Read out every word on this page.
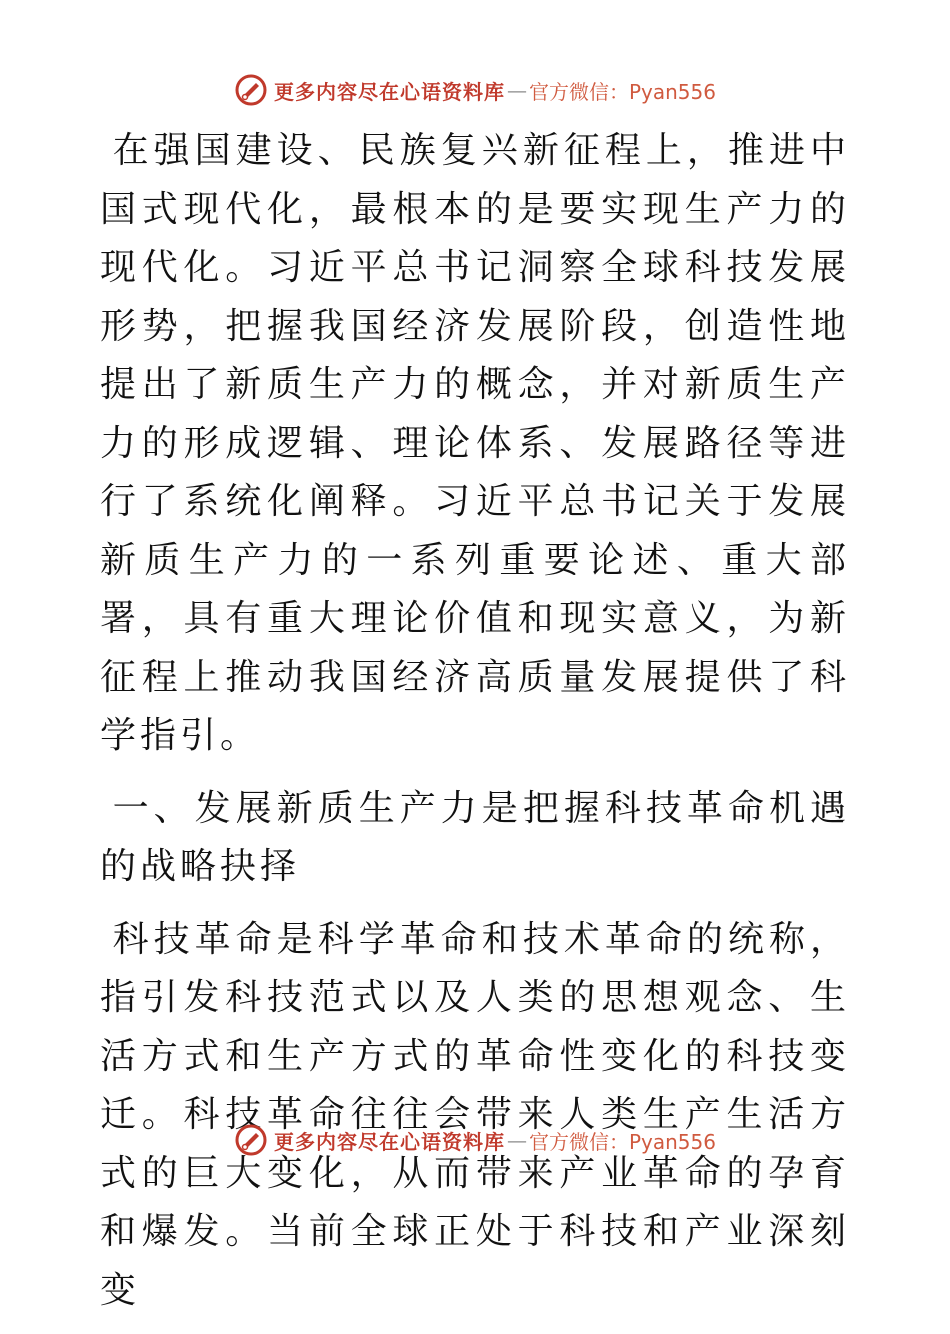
更多内容尽在心语资料库 — 官方微信：Pyan556

在强国建设、民族复兴新征程上，推进中国式现代化，最根本的是要实现生产力的现代化。习近平总书记洞察全球科技发展形势，把握我国经济发展阶段，创造性地提出了新质生产力的概念，并对新质生产力的形成逻辑、理论体系、发展路径等进行了系统化阐释。习近平总书记关于发展新质生产力的一系列重要论述、重大部署，具有重大理论价值和现实意义，为新征程上推动我国经济高质量发展提供了科学指引。

一、发展新质生产力是把握科技革命机遇的战略抉择

科技革命是科学革命和技术革命的统称，指引发科技范式以及人类的思想观念、生活方式和生产方式的革命性变化的科技变迁。科技革命往往会带来人类生产生活方式的巨大变化，从而带来产业革命的孕育和爆发。当前全球正处于科技和产业深刻变

更多内容尽在心语资料库 — 官方微信：Pyan556
